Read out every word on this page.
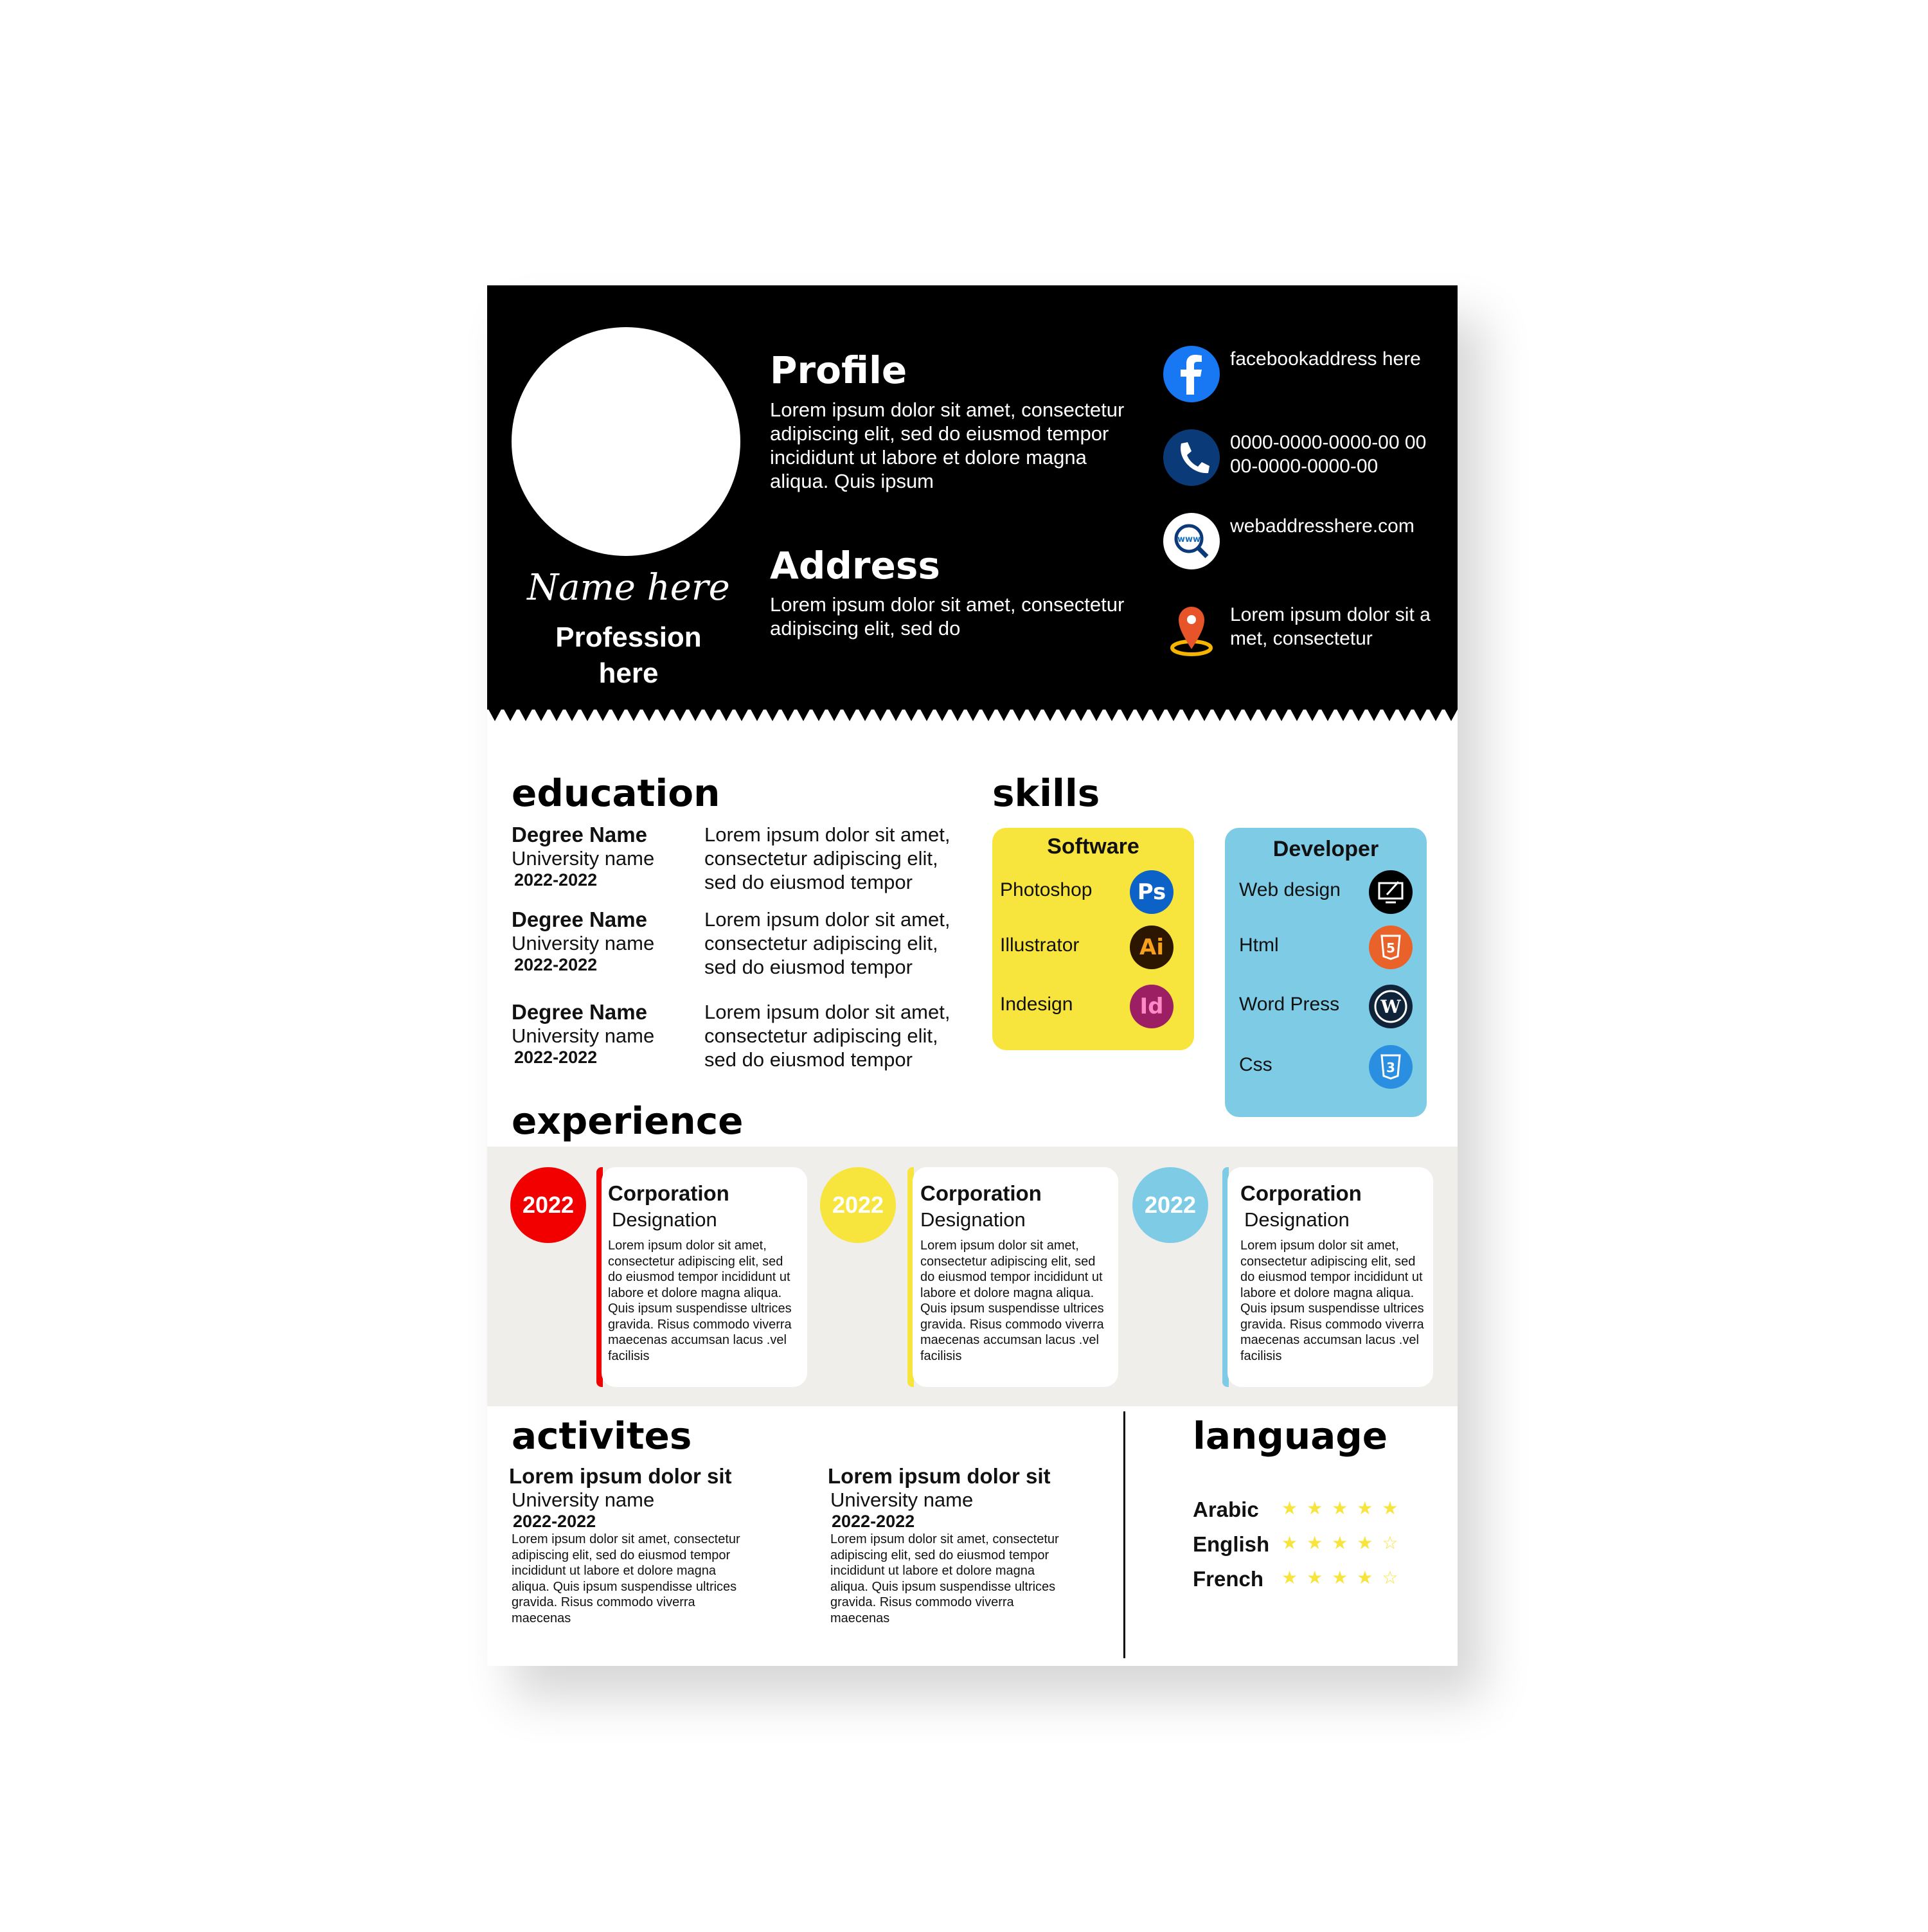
Name here
Profession here
Profile
Lorem ipsum dolor sit amet, consectetur adipiscing elit, sed do eiusmod tempor incididunt ut labore et dolore magna aliqua. Quis ipsum
Address
Lorem ipsum dolor sit amet, consectetur adipiscing elit, sed do
facebookaddress here
0000-0000-0000-00 0000-0000-0000-00
www
webaddresshere.com
Lorem ipsum dolor sit amet, consectetur
education
Degree Name
University name
2022-2022
Lorem ipsum dolor sit amet, consectetur adipiscing elit, sed do eiusmod tempor
Degree Name
University name
2022-2022
Lorem ipsum dolor sit amet, consectetur adipiscing elit, sed do eiusmod tempor
Degree Name
University name
2022-2022
Lorem ipsum dolor sit amet, consectetur adipiscing elit, sed do eiusmod tempor
skills
Software
Photoshop	Ps
Illustrator	Ai
Indesign	Id
Developer
Web design
Html	5
Word Press W
Css	3
experience
2022	Corporation
Designation
Lorem ipsum dolor sit amet, consectetur adipiscing elit, sed do eiusmod tempor incididunt ut labore et dolore magna aliqua. Quis ipsum suspendisse ultrices gravida. Risus commodo viverra maecenas accumsan lacus .vel facilisis
2022	Corporation
Designation
Lorem ipsum dolor sit amet, consectetur adipiscing elit, sed do eiusmod tempor incididunt ut labore et dolore magna aliqua. Quis ipsum suspendisse ultrices gravida. Risus commodo viverra maecenas accumsan lacus .vel facilisis
2022	Corporation
Designation
Lorem ipsum dolor sit amet, consectetur adipiscing elit, sed do eiusmod tempor incididunt ut labore et dolore magna aliqua. Quis ipsum suspendisse ultrices gravida. Risus commodo viverra maecenas accumsan lacus .vel facilisis
activites
Lorem ipsum dolor sit
University name
2022-2022
Lorem ipsum dolor sit amet, consectetur adipiscing elit, sed do eiusmod tempor incididunt ut labore et dolore magna aliqua. Quis ipsum suspendisse ultrices gravida. Risus commodo viverra maecenas
Lorem ipsum dolor sit
University name
2022-2022
Lorem ipsum dolor sit amet, consectetur adipiscing elit, sed do eiusmod tempor incididunt ut labore et dolore magna aliqua. Quis ipsum suspendisse ultrices gravida. Risus commodo viverra maecenas
language
Arabic ★★★★★
English ★★★★☆
French ★★★★☆
